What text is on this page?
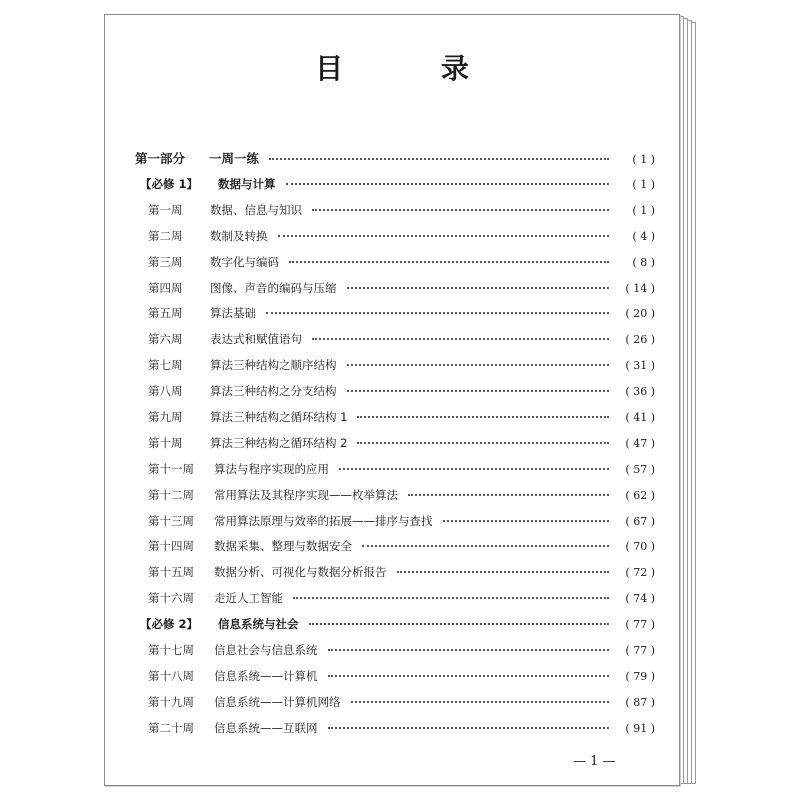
目 录
第一部分	一周一练	( 1 )
【必修 1】	数据与计算	( 1 )
第一周	数据、信息与知识	( 1 )
第二周	数制及转换	( 4 )
第三周	数字化与编码	( 8 )
第四周	图像、声音的编码与压缩	( 14 )
第五周	算法基础	( 20 )
第六周	表达式和赋值语句	( 26 )
第七周	算法三种结构之顺序结构	( 31 )
第八周	算法三种结构之分支结构	( 36 )
第九周	算法三种结构之循环结构 1	( 41 )
第十周	算法三种结构之循环结构 2	( 47 )
第十一周	算法与程序实现的应用	( 57 )
第十二周	常用算法及其程序实现——枚举算法	( 62 )
第十三周	常用算法原理与效率的拓展——排序与查找	( 67 )
第十四周	数据采集、整理与数据安全	( 70 )
第十五周	数据分析、可视化与数据分析报告	( 72 )
第十六周	走近人工智能	( 74 )
【必修 2】	信息系统与社会	( 77 )
第十七周	信息社会与信息系统	( 77 )
第十八周	信息系统——计算机	( 79 )
第十九周	信息系统——计算机网络	( 87 )
第二十周	信息系统——互联网	( 91 )
— 1 —
